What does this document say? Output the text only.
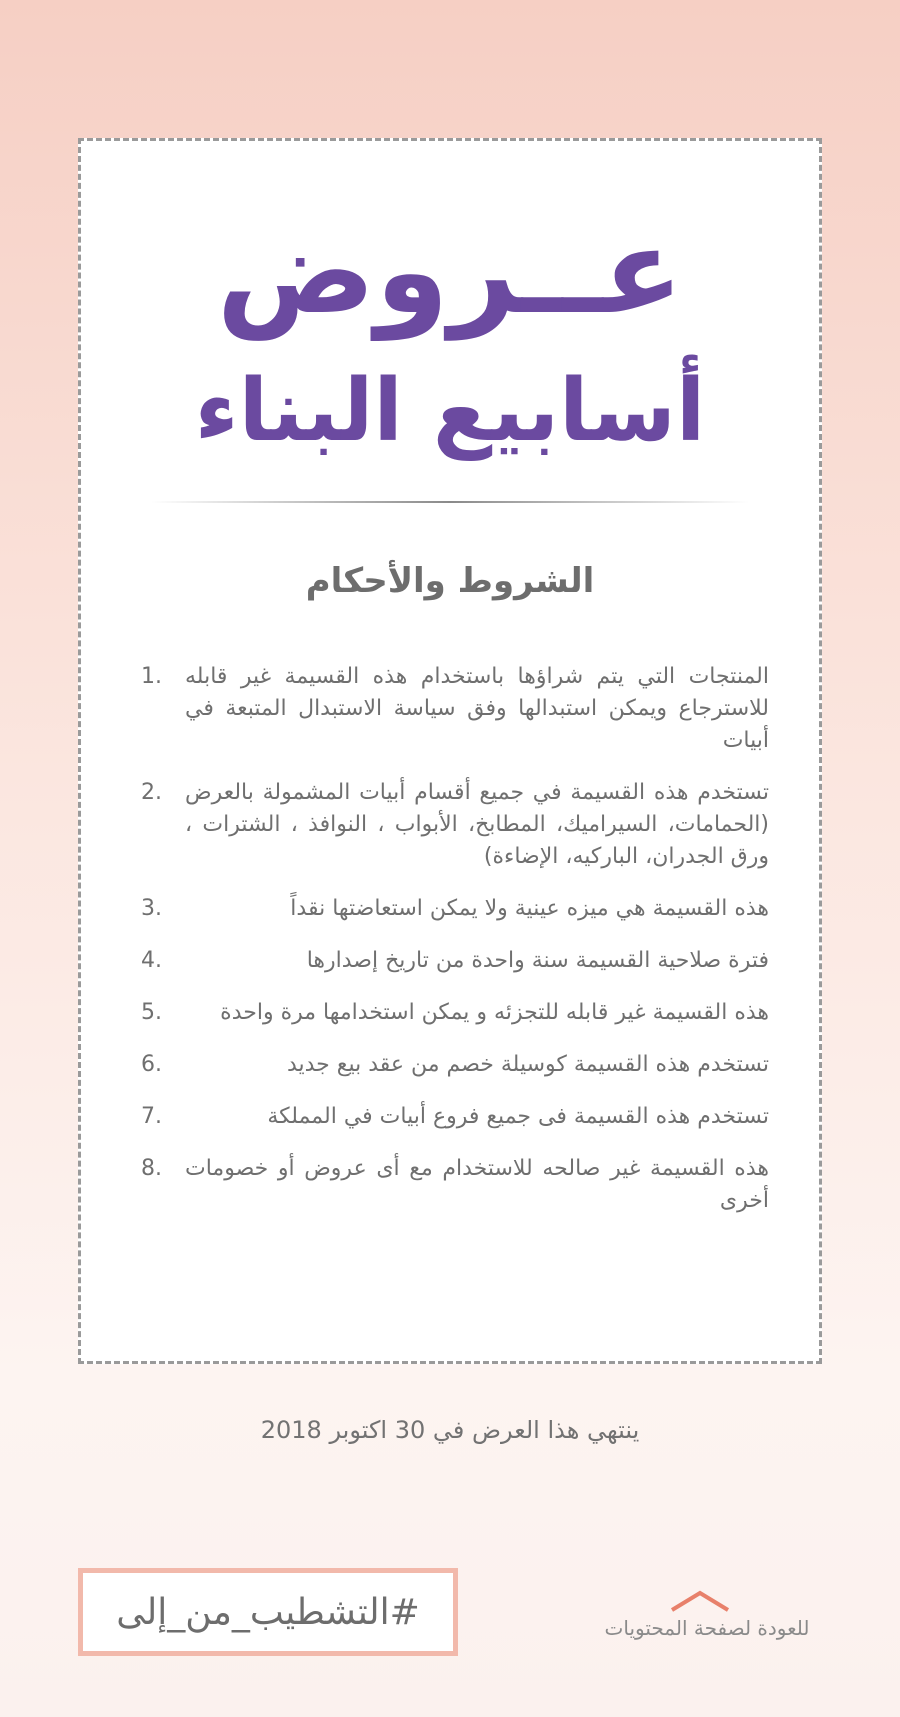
عــروض
أسابيع البناء
الشروط والأحكام
المنتجات التي يتم شراؤها باستخدام هذه القسيمة غير قابله للاسترجاع ويمكن استبدالها وفق سياسة الاستبدال المتبعة في أبيات
1.
تستخدم هذه القسيمة في جميع أقسام أبيات المشمولة بالعرض (الحمامات، السيراميك، المطابخ، الأبواب ، النوافذ ، الشترات ، ورق الجدران، الباركيه، الإضاءة)
2.
هذه القسيمة هي ميزه عينية ولا يمكن استعاضتها نقداً
3.
فترة صلاحية القسيمة سنة واحدة من تاريخ إصدارها
4.
هذه القسيمة غير قابله للتجزئه و يمكن استخدامها مرة واحدة
5.
تستخدم هذه القسيمة كوسيلة خصم من عقد بيع جديد
6.
تستخدم هذه القسيمة فى جميع فروع أبيات في المملكة
7.
هذه القسيمة غير صالحه للاستخدام مع أى عروض أو خصومات أخرى
8.

ينتهي هذا العرض في 30 اكتوبر 2018

#التشطيب_من_إلى	للعودة لصفحة المحتويات
